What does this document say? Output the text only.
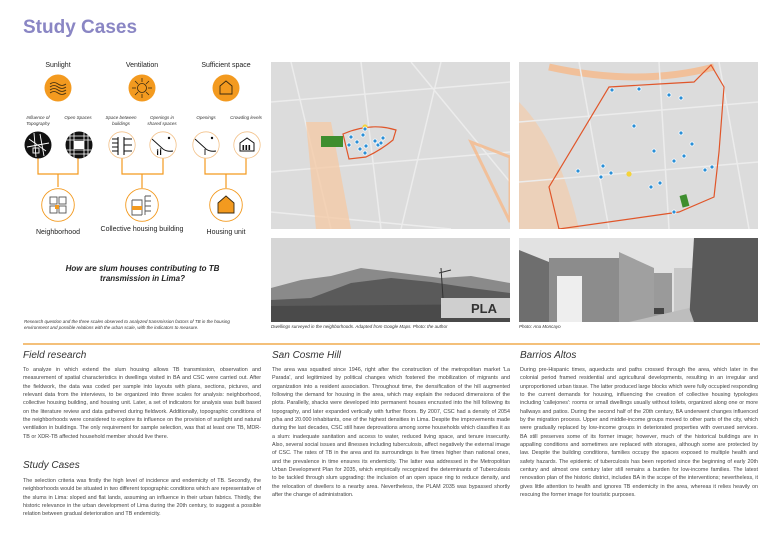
Study Cases
Sunlight	Ventilation	Sufficient space
Influence of Topography
Open Spaces	Space between buildings
Openings in shared spaces
Openings	Crowding levels
Neighborhood	Collective housing building	Housing unit
How are slum houses contributing to TB transmission in Lima?
Research question and the three scales observed to analyzed transmission factors of TB in the housing environment and possible relations with the urban scale, with the indicators to measure.
PLA
Dwellings surveyed in the neighborhoods. Adapted from Google Maps. Photo: the author	Photo: Ana Moncayo
Field research
To analyze in which extend the slum housing allows TB transmission, observation and measurement of spatial characteristics in dwellings visited in BA and CSC were carried out. After the fieldwork, the data was coded per sample into layouts with plans, sections, pictures, and relevant data from the interviews, to be organized into three scales for analysis: neighborhood, collective housing building, and housing unit. Later, a set of indicators for analysis was built based on the literature review and data gathered during fieldwork. Additionally, topographic conditions of the neighborhoods were considered to explore its influence on the provision of sunlight and natural ventilation in buildings. The only requirement for sample selection, was that at least one TB, MDR-TB or XDR-TB affected household member should live there.
Study Cases
The selection criteria was firstly the high level of incidence and endemicity of TB. Secondly, the neighborhoods would be situated in two different topographic conditions which are representative of the slums in Lima: sloped and flat lands, assuming an influence in their urban fabrics. Thirdly, the historic relevance in the urban development of Lima during the 20th century, to suggest a possible relation between gradual deterioration and TB endemicity.
San Cosme Hill
The area was squatted since 1946, right after the construction of the metropolitan market 'La Parada', and legitimized by political changes which fostered the mobilization of migrants and organization into a resident association. Throughout time, the densification of the hill augmented following the demand for housing in the area, which may explain the reduced dimensions of the plots. Parallelly, shacks were developed into permanent houses encrusted into the hill following its topography, and later expanded vertically with further floors. By 2007, CSC had a density of 2054 p/ha and 20.000 inhabitants, one of the highest densities in Lima. Despite the improvements made during the last decades, CSC still have deprovations among some households which classifies it as a slum: inadequate sanitation and access to water, reduced living space, and tenure insecurity. Also, several social issues and illnesses including tuberculosis, affect negatively the external image of CSC. The rates of TB in the area and its surroundings is five times higher than national ones, and the prevalence in time ensures its endemicity. The latter was addressed in the Metropolitan Urban Development Plan for 2035, which empirically recognized the determinants of Tuberculosis to be tackled through slum upgrading: the inclusion of an open space ring to reduce density, and the relocation of dwellers to a nearby area. Nevertheless, the PLAM 2035 was bypassed shortly after the change of administration.
Barrios Altos
During pre-Hispanic times, aqueducts and paths crossed through the area, which later in the colonial period framed residential and agricultural developments, resulting in an irregular and unproportioned urban tissue. The latter produced large blocks which were fully occupied responding to the current demands for housing, influencing the creation of collective housing typologies including 'callejones': rooms or small dwellings usually without toilets, organized along one or more hallways and patios. During the second half of the 20th century, BA underwent changes influenced by the migration process. Upper and middle-income groups moved to other parts of the city, which were gradually replaced by low-income groups in deteriorated properties with overused services. BA still preserves some of its former image; however, much of the historical buildings are in appalling conditions and sometimes are replaced with storages, although some are protected by law. Despite the building conditions, families occupy the spaces exposed to multiple health and safety hazards. The epidemic of tuberculosis has been reported since the beginning of early 20th century and almost one century later still remains a burden for low-income families. The latest renovation plan of the historic district, includes BA in the scope of the interventions; nevertheless, it gives little attention to health and ignores TB endemicity in the area, whereas it relies heavily on rescuing the former image for touristic purposes.
